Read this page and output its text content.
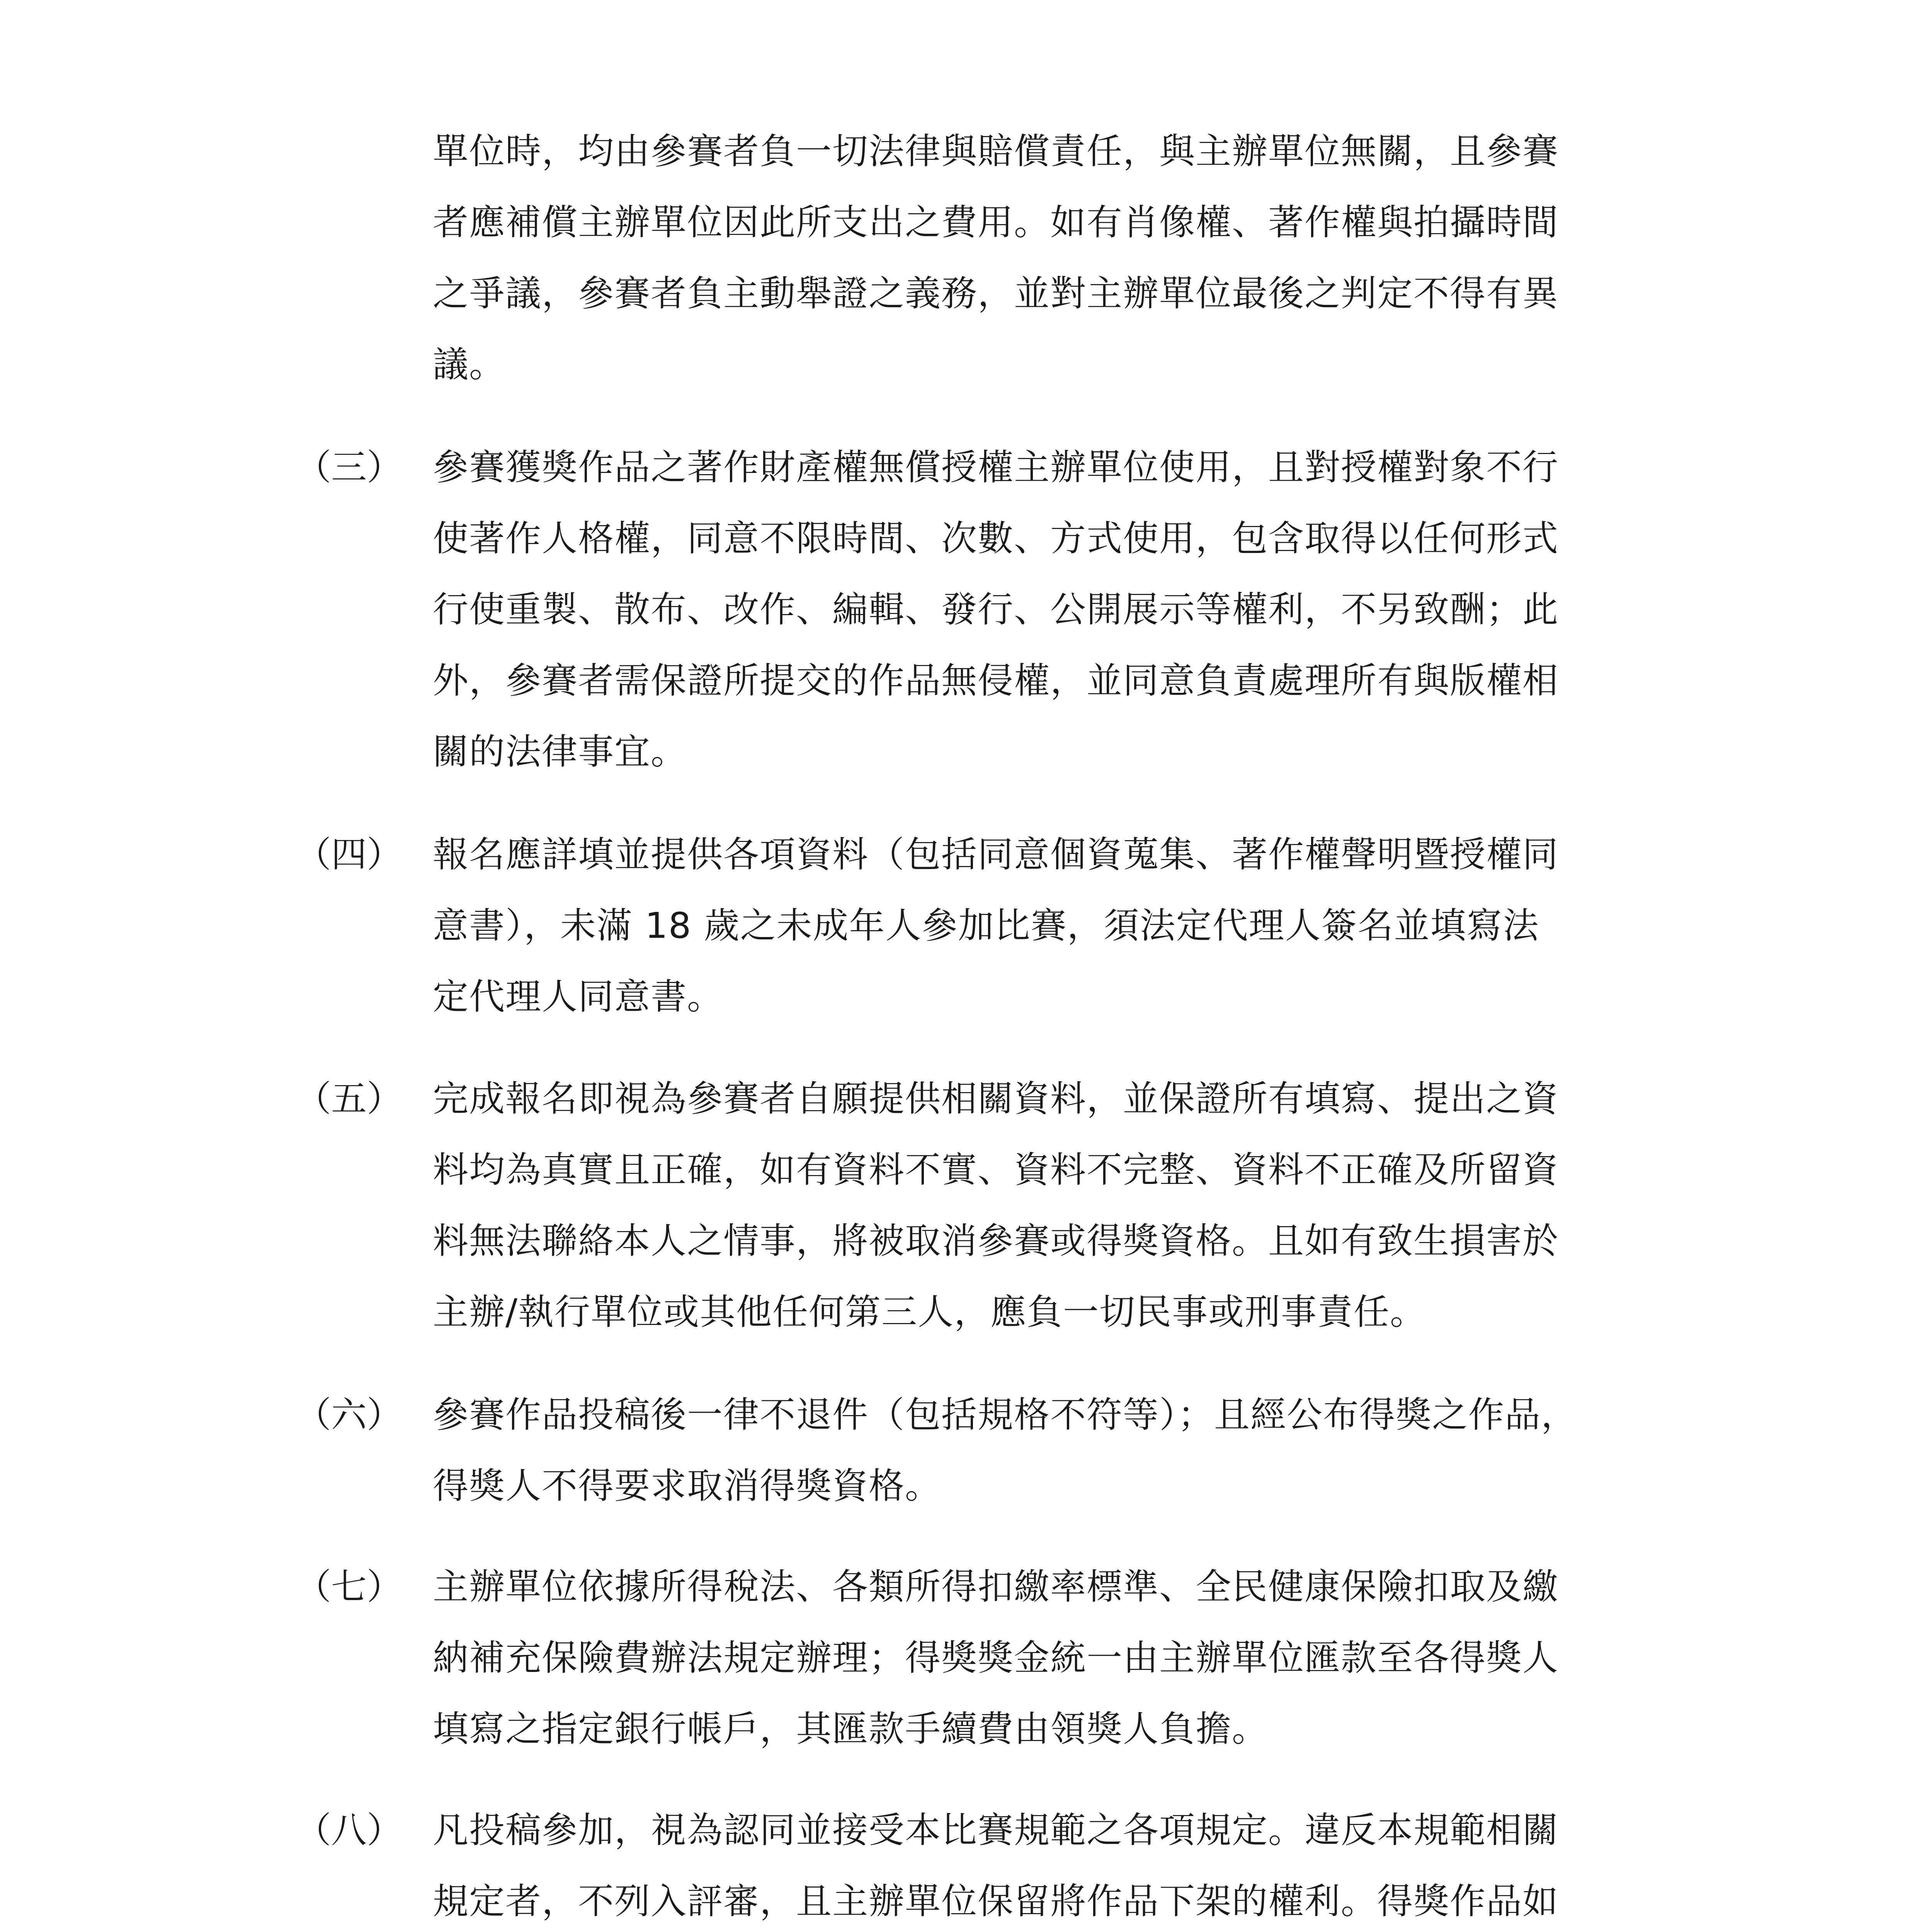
單位時，均由參賽者負一切法律與賠償責任，與主辦單位無關，且參賽
者應補償主辦單位因此所支出之費用。如有肖像權、著作權與拍攝時間
之爭議，參賽者負主動舉證之義務，並對主辦單位最後之判定不得有異
議。
（三） 參賽獲獎作品之著作財產權無償授權主辦單位使用，且對授權對象不行
使著作人格權，同意不限時間、次數、方式使用，包含取得以任何形式
行使重製、散布、改作、編輯、發行、公開展示等權利，不另致酬；此
外，參賽者需保證所提交的作品無侵權，並同意負責處理所有與版權相
關的法律事宜。
（四） 報名應詳填並提供各項資料（包括同意個資蒐集、著作權聲明暨授權同
意書），未滿 18 歲之未成年人參加比賽，須法定代理人簽名並填寫法
定代理人同意書。
（五） 完成報名即視為參賽者自願提供相關資料，並保證所有填寫、提出之資
料均為真實且正確，如有資料不實、資料不完整、資料不正確及所留資
料無法聯絡本人之情事，將被取消參賽或得獎資格。且如有致生損害於
主辦/執行單位或其他任何第三人，應負一切民事或刑事責任。
（六） 參賽作品投稿後一律不退件（包括規格不符等）；且經公布得獎之作品，
得獎人不得要求取消得獎資格。
（七） 主辦單位依據所得稅法、各類所得扣繳率標準、全民健康保險扣取及繳
納補充保險費辦法規定辦理；得獎獎金統一由主辦單位匯款至各得獎人
填寫之指定銀行帳戶，其匯款手續費由領獎人負擔。
（八） 凡投稿參加，視為認同並接受本比賽規範之各項規定。違反本規範相關
規定者，不列入評審，且主辦單位保留將作品下架的權利。得獎作品如
